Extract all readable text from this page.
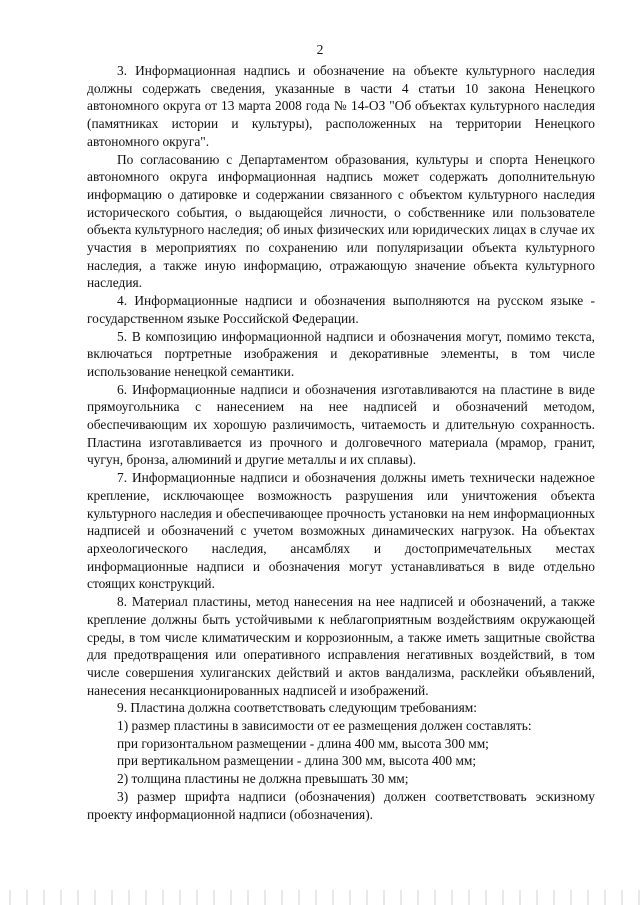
2

3. Информационная надпись и обозначение на объекте культурного наследия должны содержать сведения, указанные в части 4 статьи 10 закона Ненецкого автономного округа от 13 марта 2008 года № 14-ОЗ "Об объектах культурного наследия (памятниках истории и культуры), расположенных на территории Ненецкого автономного округа".

По согласованию с Департаментом образования, культуры и спорта Ненецкого автономного округа информационная надпись может содержать дополнительную информацию о датировке и содержании связанного с объектом культурного наследия исторического события, о выдающейся личности, о собственнике или пользователе объекта культурного наследия; об иных физических или юридических лицах в случае их участия в мероприятиях по сохранению или популяризации объекта культурного наследия, а также иную информацию, отражающую значение объекта культурного наследия.

4. Информационные надписи и обозначения выполняются на русском языке - государственном языке Российской Федерации.

5. В композицию информационной надписи и обозначения могут, помимо текста, включаться портретные изображения и декоративные элементы, в том числе использование ненецкой семантики.

6. Информационные надписи и обозначения изготавливаются на пластине в виде прямоугольника с нанесением на нее надписей и обозначений методом, обеспечивающим их хорошую различимость, читаемость и длительную сохранность. Пластина изготавливается из прочного и долговечного материала (мрамор, гранит, чугун, бронза, алюминий и другие металлы и их сплавы).

7. Информационные надписи и обозначения должны иметь технически надежное крепление, исключающее возможность разрушения или уничтожения объекта культурного наследия и обеспечивающее прочность установки на нем информационных надписей и обозначений с учетом возможных динамических нагрузок. На объектах археологического наследия, ансамблях и достопримечательных местах информационные надписи и обозначения могут устанавливаться в виде отдельно стоящих конструкций.

8. Материал пластины, метод нанесения на нее надписей и обозначений, а также крепление должны быть устойчивыми к неблагоприятным воздействиям окружающей среды, в том числе климатическим и коррозионным, а также иметь защитные свойства для предотвращения или оперативного исправления негативных воздействий, в том числе совершения хулиганских действий и актов вандализма, расклейки объявлений, нанесения несанкционированных надписей и изображений.

9. Пластина должна соответствовать следующим требованиям:

1) размер пластины в зависимости от ее размещения должен составлять:

при горизонтальном размещении - длина 400 мм, высота 300 мм;

при вертикальном размещении - длина 300 мм, высота 400 мм;

2) толщина пластины не должна превышать 30 мм;

3) размер шрифта надписи (обозначения) должен соответствовать эскизному проекту информационной надписи (обозначения).
